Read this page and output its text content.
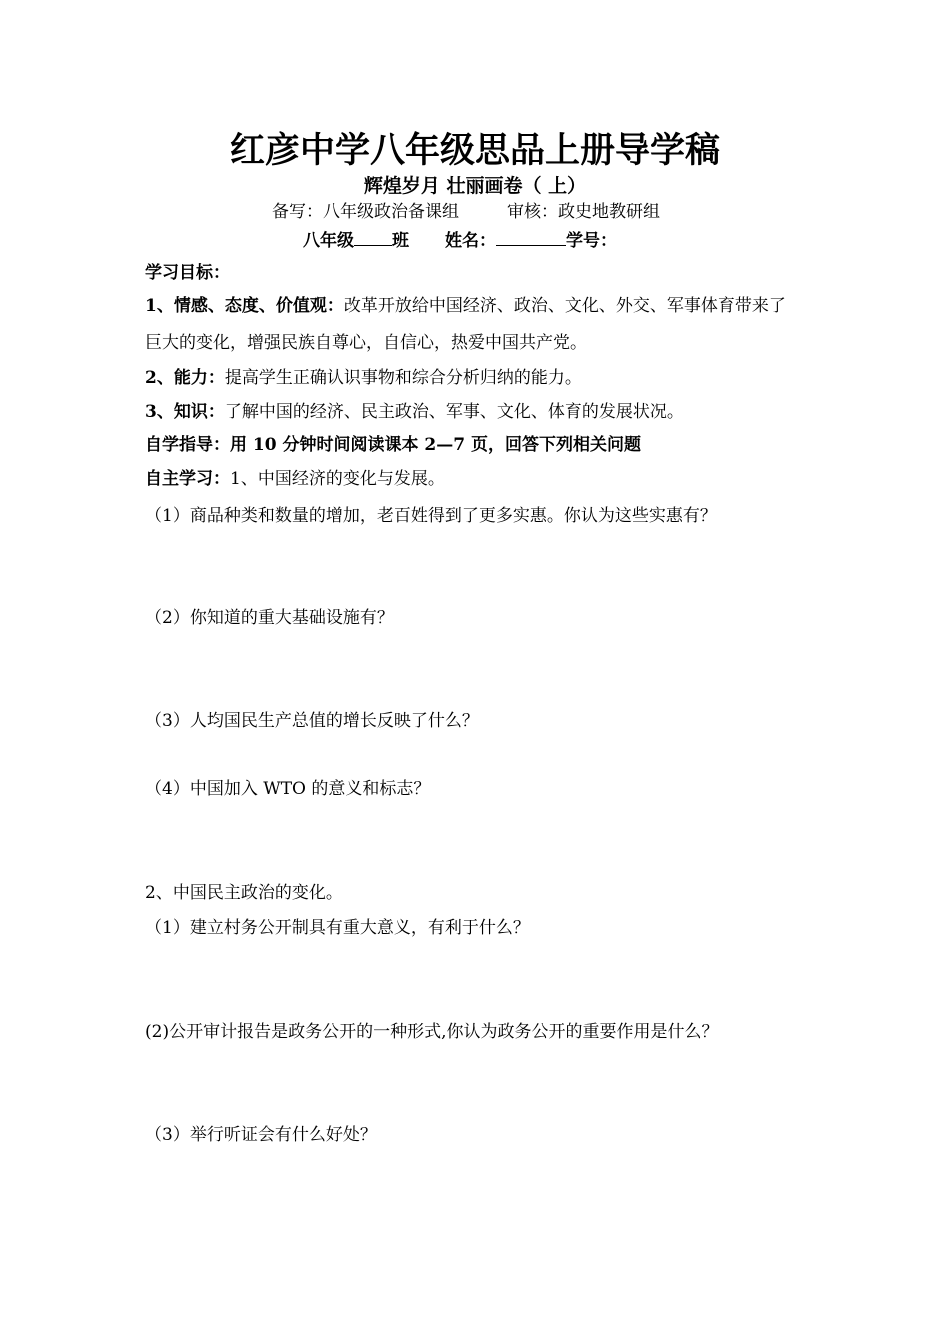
红彦中学八年级思品上册导学稿
辉煌岁月 壮丽画卷（ 上）
备写：八年级政治备课组	审核：政史地教研组
八年级 班 姓名：	学号：
学习目标：
1、情感、态度、价值观：改革开放给中国经济、政治、文化、外交、军事体育带来了
巨大的变化，增强民族自尊心，自信心，热爱中国共产党。
2、能力：提高学生正确认识事物和综合分析归纳的能力。
3、知识：了解中国的经济、民主政治、军事、文化、体育的发展状况。
自学指导：用 10 分钟时间阅读课本 2—7 页，回答下列相关问题
自主学习：1、中国经济的变化与发展。
（1）商品种类和数量的增加，老百姓得到了更多实惠。你认为这些实惠有？
（2）你知道的重大基础设施有？
（3）人均国民生产总值的增长反映了什么？
（4）中国加入 WTO 的意义和标志？
2、中国民主政治的变化。
（1）建立村务公开制具有重大意义，有利于什么？
(2)公开审计报告是政务公开的一种形式,你认为政务公开的重要作用是什么？
（3）举行听证会有什么好处？
